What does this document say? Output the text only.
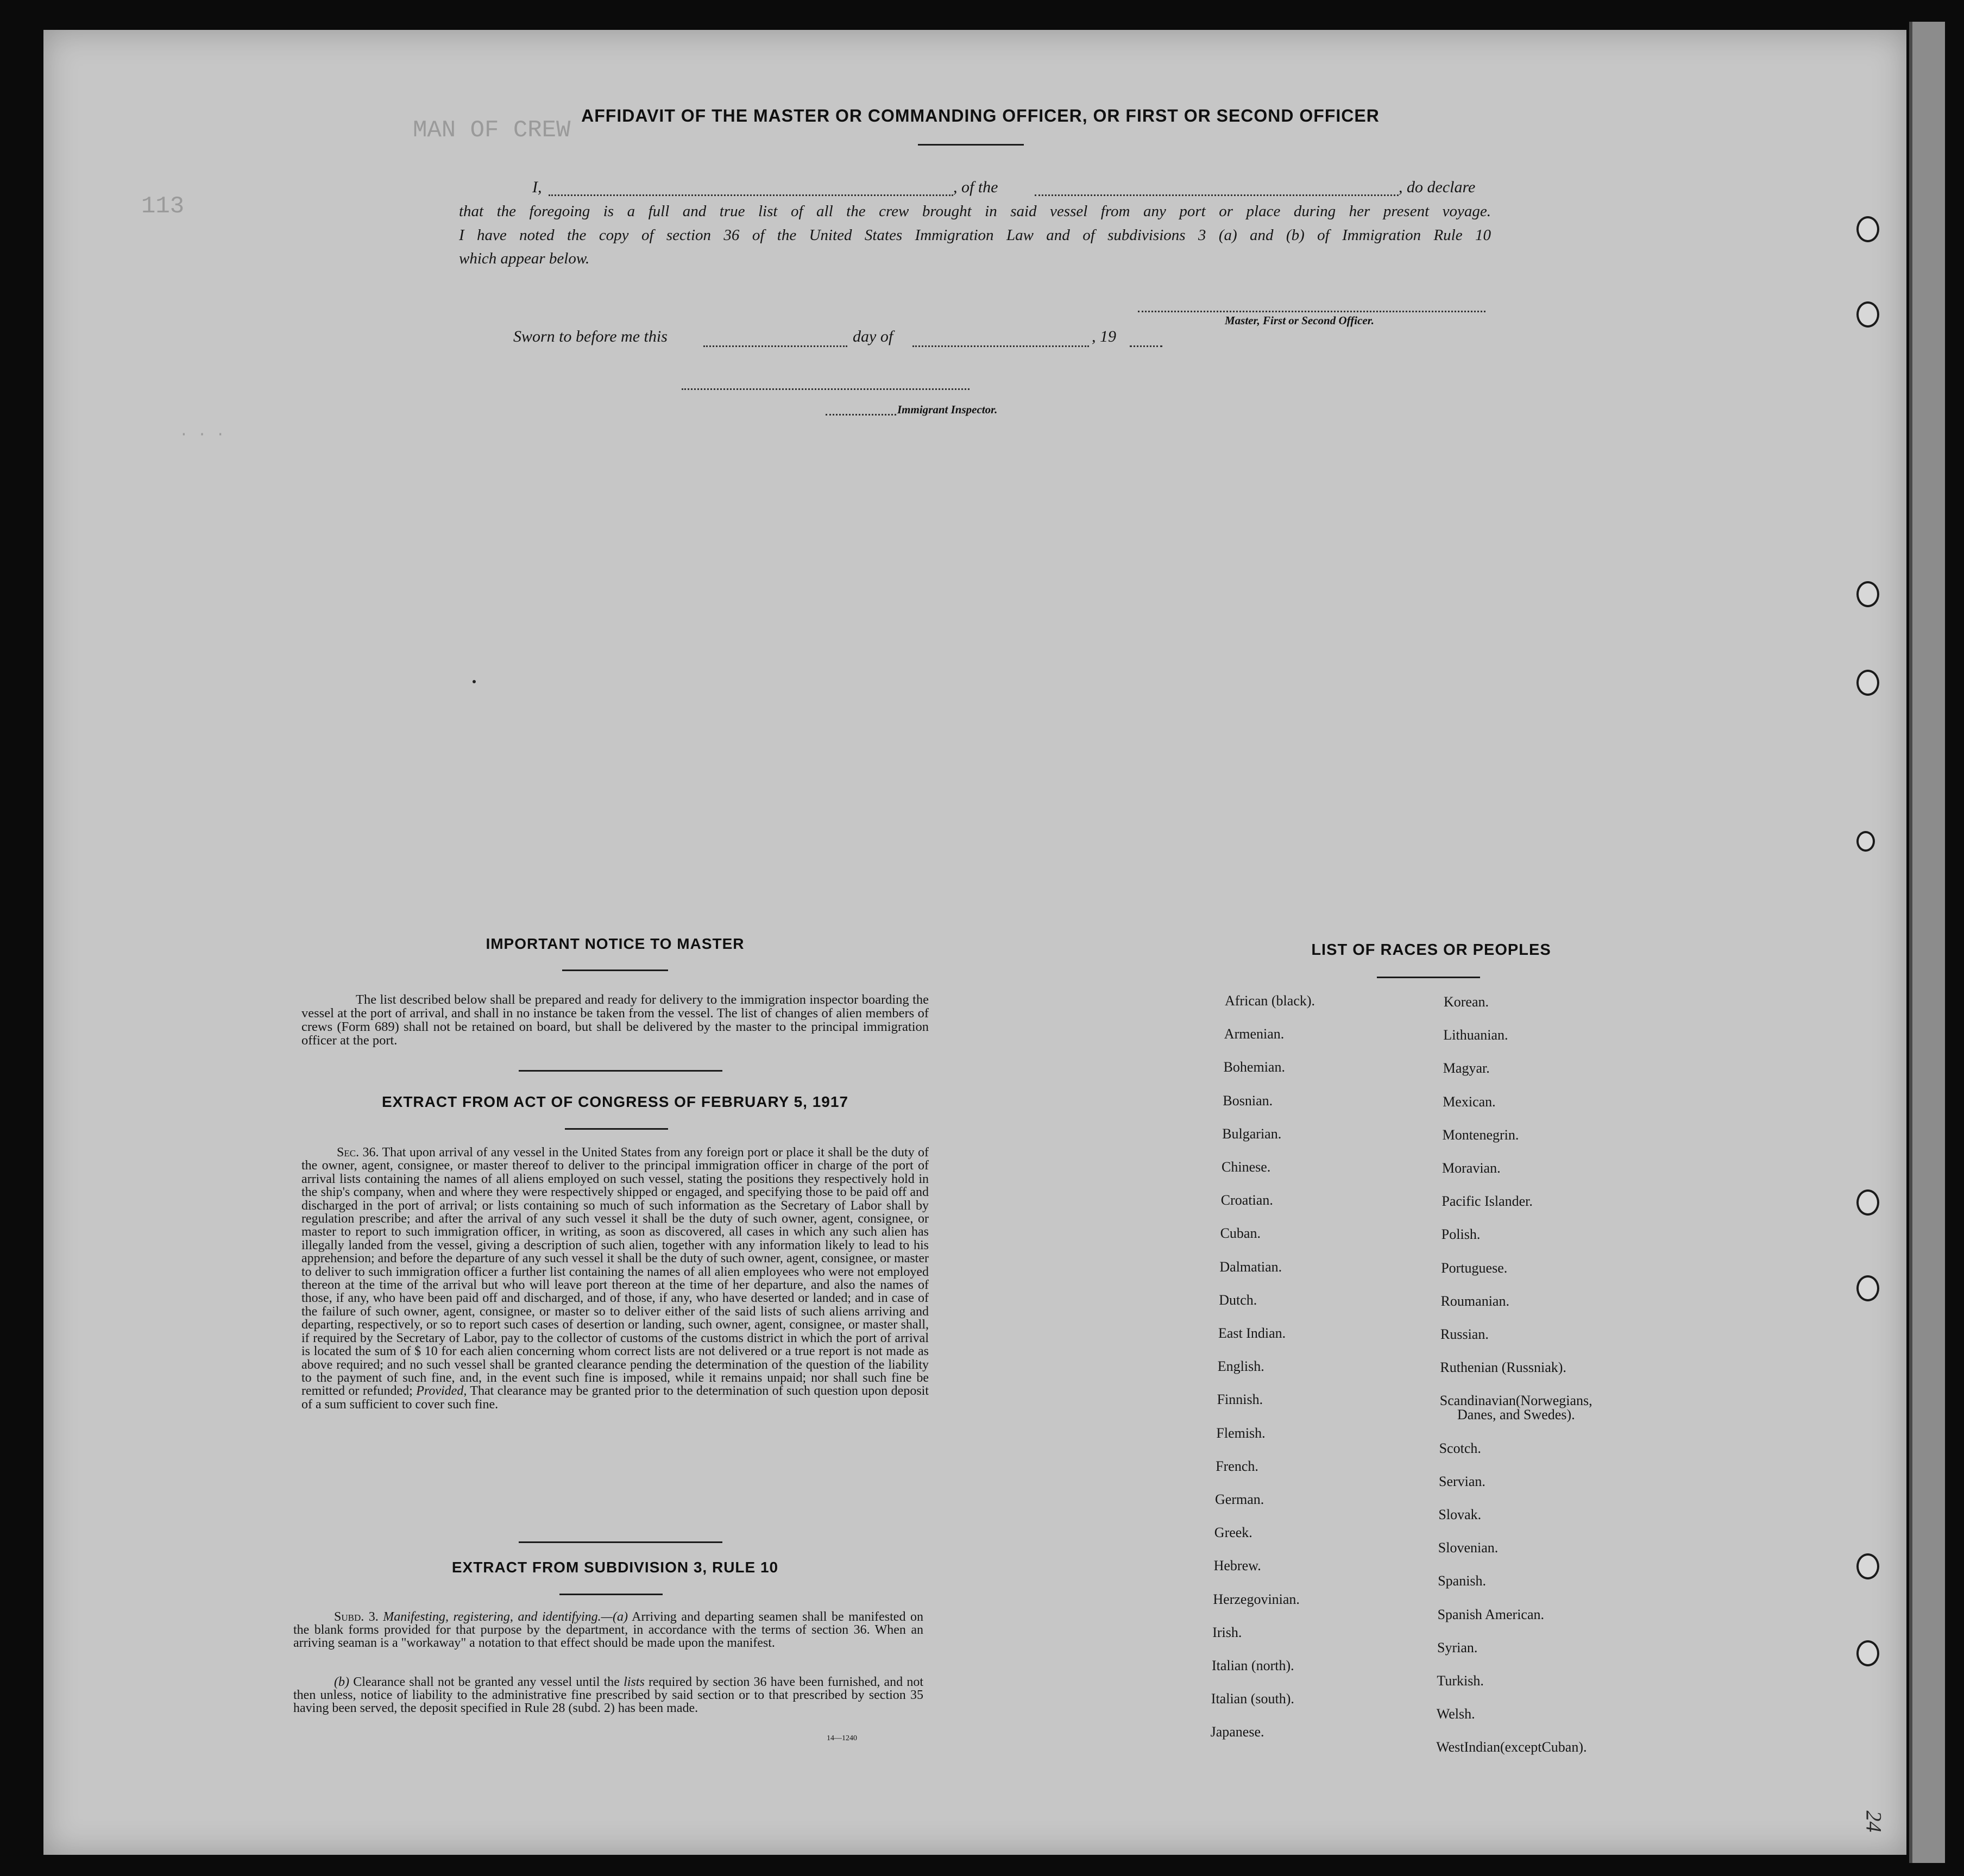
MAN OF CREW
113
· · ·
AFFIDAVIT OF THE MASTER OR COMMANDING OFFICER, OR FIRST OR SECOND OFFICER
I,	, of the	, do declare
that the foregoing is a full and true list of all the crew brought in said vessel from any port or place during her present voyage.
I have noted the copy of section 36 of the United States Immigration Law and of subdivisions 3 (a) and (b) of Immigration Rule 10
which appear below.
Master, First or Second Officer.
Sworn to before me this	day of	, 19
Immigrant Inspector.
IMPORTANT NOTICE TO MASTER
The list described below shall be prepared and ready for delivery to the immigration inspector boarding the vessel at the port of arrival, and shall in no instance be taken from the vessel. The list of changes of alien members of crews (Form 689) shall not be retained on board, but shall be delivered by the master to the principal immigration officer at the port.
EXTRACT FROM ACT OF CONGRESS OF FEBRUARY 5, 1917
Sec. 36. That upon arrival of any vessel in the United States from any foreign port or place it shall be the duty of the owner, agent, consignee, or master thereof to deliver to the principal immigration officer in charge of the port of arrival lists containing the names of all aliens employed on such vessel, stating the positions they respectively hold in the ship's company, when and where they were respectively shipped or engaged, and specifying those to be paid off and discharged in the port of arrival; or lists containing so much of such information as the Secretary of Labor shall by regulation prescribe; and after the arrival of any such vessel it shall be the duty of such owner, agent, consignee, or master to report to such immigration officer, in writing, as soon as discovered, all cases in which any such alien has illegally landed from the vessel, giving a description of such alien, together with any information likely to lead to his apprehension; and before the departure of any such vessel it shall be the duty of such owner, agent, consignee, or master to deliver to such immigration officer a further list containing the names of all alien employees who were not employed thereon at the time of the arrival but who will leave port thereon at the time of her departure, and also the names of those, if any, who have been paid off and discharged, and of those, if any, who have deserted or landed; and in case of the failure of such owner, agent, consignee, or master so to deliver either of the said lists of such aliens arriving and departing, respectively, or so to report such cases of desertion or landing, such owner, agent, consignee, or master shall, if required by the Secretary of Labor, pay to the collector of customs of the customs district in which the port of arrival is located the sum of $ 10 for each alien concerning whom correct lists are not delivered or a true report is not made as above required; and no such vessel shall be granted clearance pending the determination of the question of the liability to the payment of such fine, and, in the event such fine is imposed, while it remains unpaid; nor shall such fine be remitted or refunded; Provided, That clearance may be granted prior to the determination of such question upon deposit of a sum sufficient to cover such fine.
EXTRACT FROM SUBDIVISION 3, RULE 10
Subd. 3. Manifesting, registering, and identifying.—(a) Arriving and departing seamen shall be manifested on the blank forms provided for that purpose by the department, in accordance with the terms of section 36. When an arriving seaman is a "workaway" a notation to that effect should be made upon the manifest.
(b) Clearance shall not be granted any vessel until the lists required by section 36 have been furnished, and not then unless, notice of liability to the administrative fine prescribed by said section or to that prescribed by section 35 having been served, the deposit specified in Rule 28 (subd. 2) has been made.
14—1240
LIST OF RACES OR PEOPLES
African (black).
Armenian.
Bohemian.
Bosnian.
Bulgarian.
Chinese.
Croatian.
Cuban.
Dalmatian.
Dutch.
East Indian.
English.
Finnish.
Flemish.
French.
German.
Greek.
Hebrew.
Herzegovinian.
Irish.
Italian (north).
Italian (south).
Japanese.
Korean.
Lithuanian.
Magyar.
Mexican.
Montenegrin.
Moravian.
Pacific Islander.
Polish.
Portuguese.
Roumanian.
Russian.
Ruthenian (Russniak).
Scandinavian(Norwegians,
Danes, and Swedes).
Scotch.
Servian.
Slovak.
Slovenian.
Spanish.
Spanish American.
Syrian.
Turkish.
Welsh.
WestIndian(exceptCuban).
24
